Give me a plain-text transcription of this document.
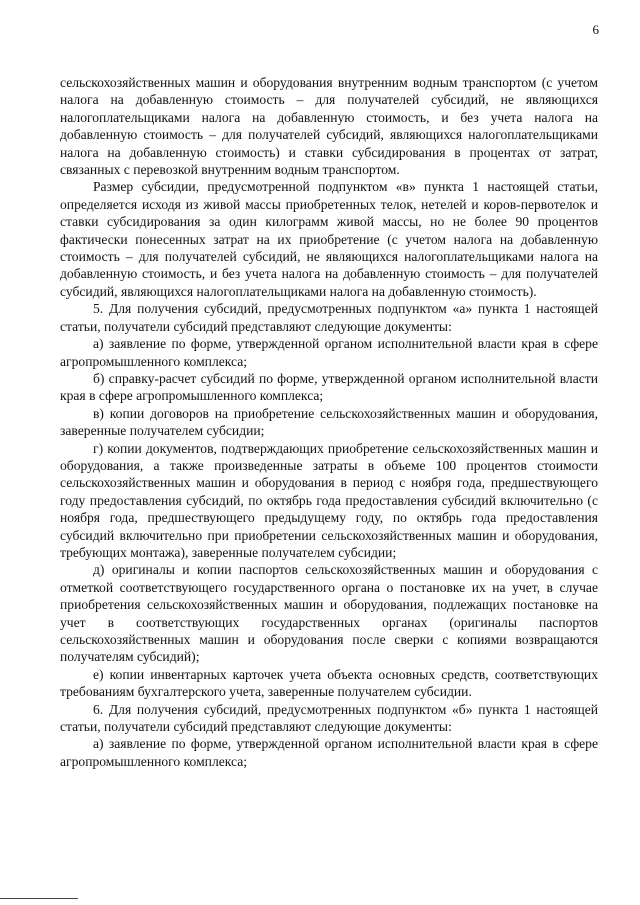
6

сельскохозяйственных машин и оборудования внутренним водным транспортом (с учетом налога на добавленную стоимость – для получателей субсидий, не являющихся налогоплательщиками налога на добавленную стоимость, и без учета налога на добавленную стоимость – для получателей субсидий, являющихся налогоплательщиками налога на добавленную стоимость) и ставки субсидирования в процентах от затрат, связанных с перевозкой внутренним водным транспортом.

Размер субсидии, предусмотренной подпунктом «в» пункта 1 настоящей статьи, определяется исходя из живой массы приобретенных телок, нетелей и коров-первотелок и ставки субсидирования за один килограмм живой массы, но не более 90 процентов фактически понесенных затрат на их приобретение (с учетом налога на добавленную стоимость – для получателей субсидий, не являющихся налогоплательщиками налога на добавленную стоимость, и без учета налога на добавленную стоимость – для получателей субсидий, являющихся налогоплательщиками налога на добавленную стоимость).

5. Для получения субсидий, предусмотренных подпунктом «а» пункта 1 настоящей статьи, получатели субсидий представляют следующие документы:

а) заявление по форме, утвержденной органом исполнительной власти края в сфере агропромышленного комплекса;

б) справку-расчет субсидий по форме, утвержденной органом исполнительной власти края в сфере агропромышленного комплекса;

в) копии договоров на приобретение сельскохозяйственных машин и оборудования, заверенные получателем субсидии;

г) копии документов, подтверждающих приобретение сельскохозяйственных машин и оборудования, а также произведенные затраты в объеме 100 процентов стоимости сельскохозяйственных машин и оборудования в период с ноября года, предшествующего году предоставления субсидий, по октябрь года предоставления субсидий включительно (с ноября года, предшествующего предыдущему году, по октябрь года предоставления субсидий включительно при приобретении сельскохозяйственных машин и оборудования, требующих монтажа), заверенные получателем субсидии;

д) оригиналы и копии паспортов сельскохозяйственных машин и оборудования с отметкой соответствующего государственного органа о постановке их на учет, в случае приобретения сельскохозяйственных машин и оборудования, подлежащих постановке на учет в соответствующих государственных органах (оригиналы паспортов сельскохозяйственных машин и оборудования после сверки с копиями возвращаются получателям субсидий);

е) копии инвентарных карточек учета объекта основных средств, соответствующих требованиям бухгалтерского учета, заверенные получателем субсидии.

6. Для получения субсидий, предусмотренных подпунктом «б» пункта 1 настоящей статьи, получатели субсидий представляют следующие документы:

а) заявление по форме, утвержденной органом исполнительной власти края в сфере агропромышленного комплекса;
